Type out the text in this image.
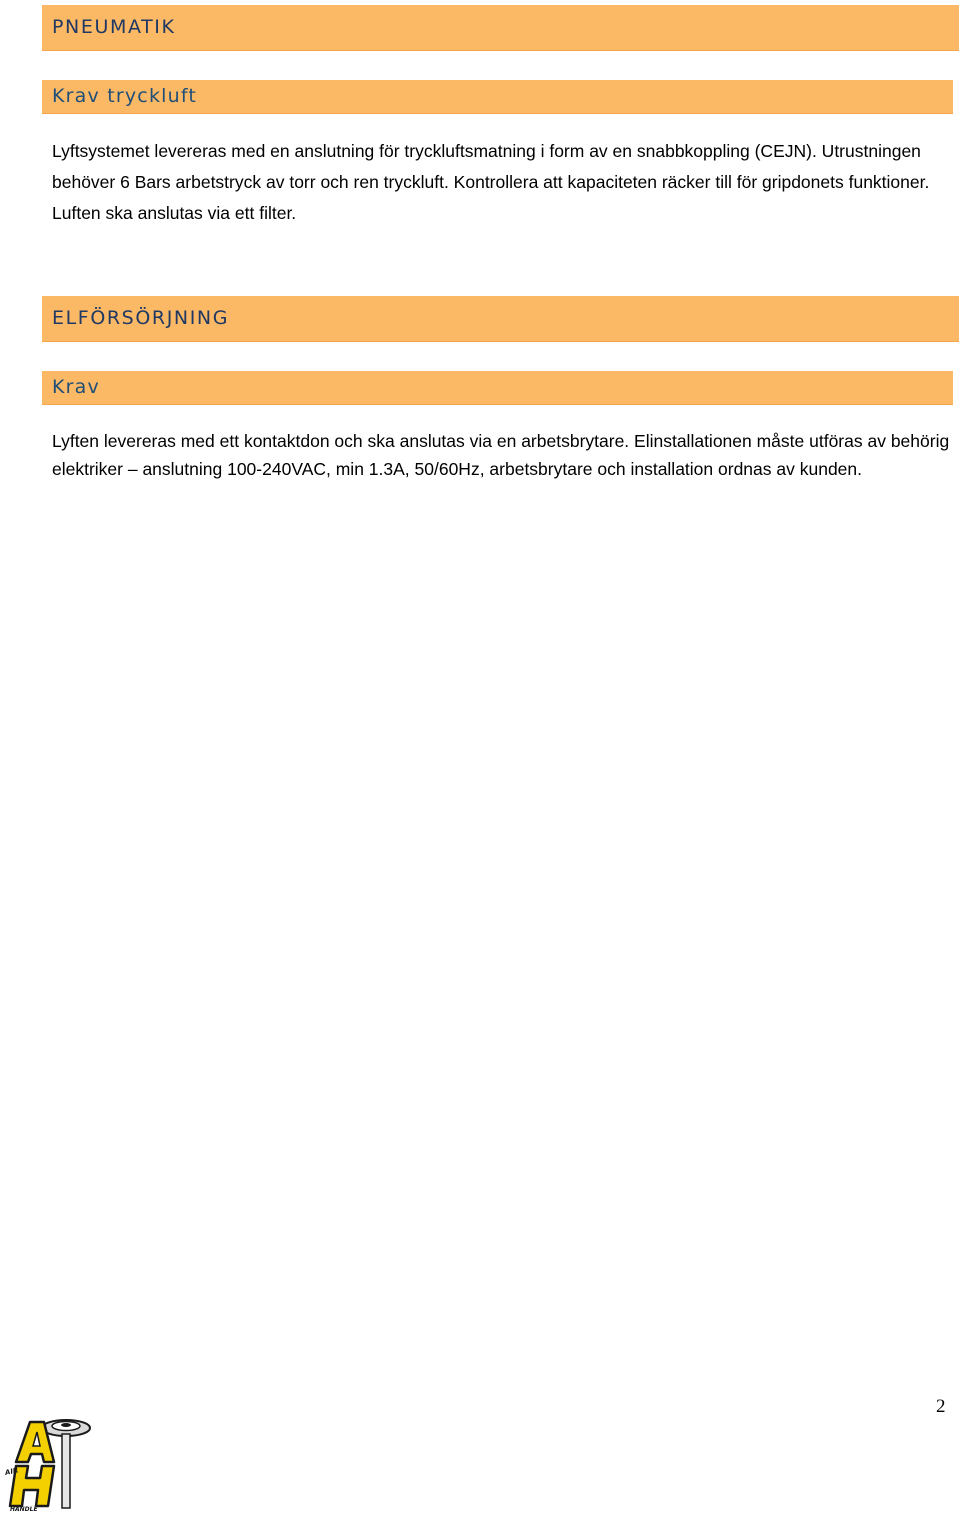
PNEUMATIK
Krav tryckluft
Lyftsystemet levereras med en anslutning för tryckluftsmatning i form av en snabbkoppling (CEJN). Utrustningen behöver 6 Bars arbetstryck av torr och ren tryckluft. Kontrollera att kapaciteten räcker till för gripdonets funktioner. Luften ska anslutas via ett filter.
ELFÖRSÖRJNING
Krav
Lyften levereras med ett kontaktdon och ska anslutas via en arbetsbrytare. Elinstallationen måste utföras av behörig elektriker – anslutning 100-240VAC, min 1.3A, 50/60Hz, arbetsbrytare och installation ordnas av kunden.
2
AIR
HANDLE
